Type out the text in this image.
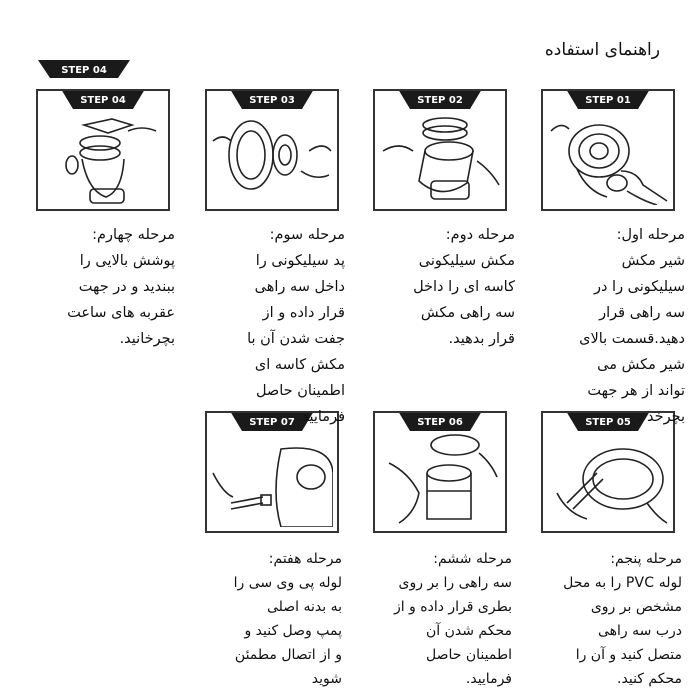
راهنمای استفاده
STEP 04
STEP 01
STEP 02
STEP 03
STEP 04
STEP 05
STEP 06
STEP 07
مرحله اول:
شیر مکش
سیلیکونی را در
سه راهی قرار
دهید.قسمت بالای
شیر مکش می
تواند از هر جهت
بچرخد .
مرحله دوم:
مکش سیلیکونی
کاسه ای را داخل
سه راهی مکش
قرار بدهید.
مرحله سوم:
پد سیلیکونی را
داخل سه راهی
قرار داده و از
جفت شدن آن با
مکش کاسه ای
اطمینان حاصل
فرمایید.
مرحله چهارم:
پوشش بالایی را
ببندید و در جهت
عقربه های ساعت
بچرخانید.
مرحله پنجم:
لوله PVC را به محل
مشخص بر روی
درب سه راهی
متصل کنید و آن را
محکم کنید.
مرحله ششم:
سه راهی را بر روی
بطری قرار داده و از
محکم شدن آن
اطمینان حاصل
فرمایید.
مرحله هفتم:
لوله پی وی سی را
به بدنه اصلی
پمپ وصل کنید و
و از اتصال مطمئن
شوید
